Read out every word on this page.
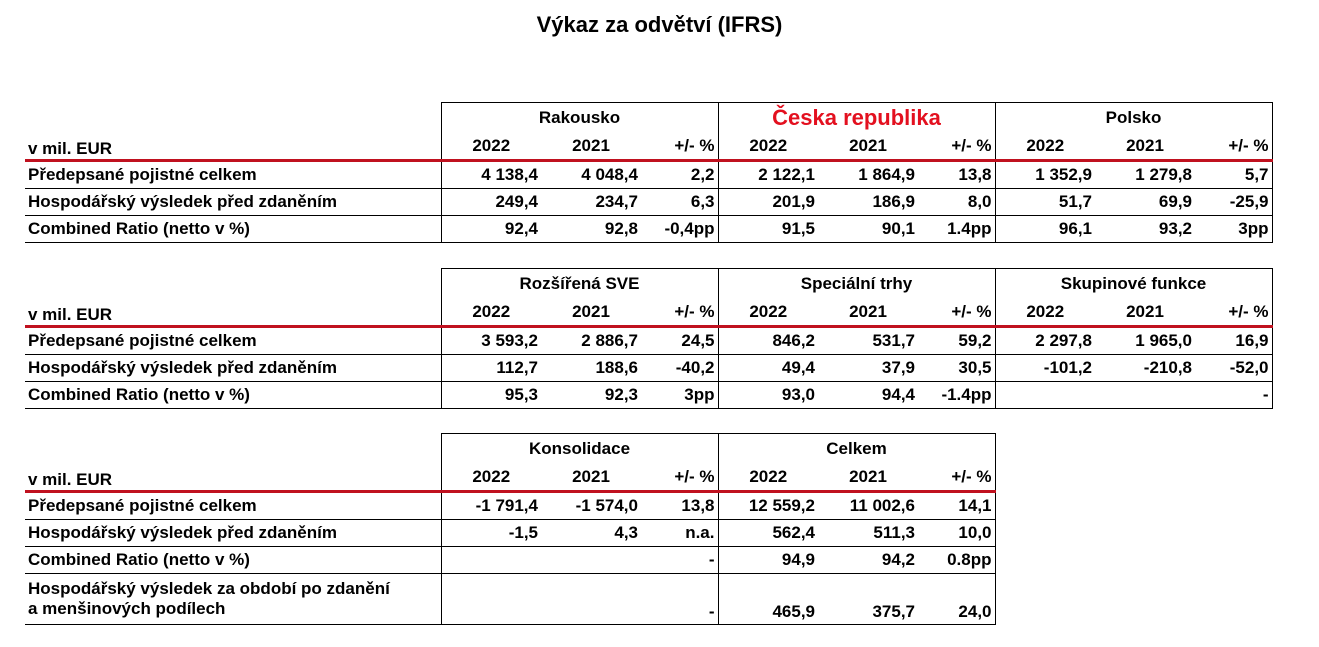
Výkaz za odvětví (IFRS)
	Rakousko			Česka republika			Polsko		
v mil. EUR	2022	2021	+/- %	2022	2021	+/- %	2022	2021	+/- %
Předepsané pojistné celkem	4 138,4	4 048,4	2,2	2 122,1	1 864,9	13,8	1 352,9	1 279,8	5,7
Hospodářský výsledek před zdaněním	249,4	234,7	6,3	201,9	186,9	8,0	51,7	69,9	-25,9
Combined Ratio (netto v %)	92,4	92,8	-0,4pp	91,5	90,1	1.4pp	96,1	93,2	3pp
	Rozšířená SVE			Speciální trhy			Skupinové funkce		
v mil. EUR	2022	2021	+/- %	2022	2021	+/- %	2022	2021	+/- %
Předepsané pojistné celkem	3 593,2	2 886,7	24,5	846,2	531,7	59,2	2 297,8	1 965,0	16,9
Hospodářský výsledek před zdaněním	112,7	188,6	-40,2	49,4	37,9	30,5	-101,2	-210,8	-52,0
Combined Ratio (netto v %)	95,3	92,3	3pp	93,0	94,4	-1.4pp			-
	Konsolidace			Celkem		
v mil. EUR	2022	2021	+/- %	2022	2021	+/- %
Předepsané pojistné celkem	-1 791,4	-1 574,0	13,8	12 559,2	11 002,6	14,1
Hospodářský výsledek před zdaněním	-1,5	4,3	n.a.	562,4	511,3	10,0
Combined Ratio (netto v %)			-	94,9	94,2	0.8pp
Hospodářský výsledek za období po zdanění
a menšinových podílech			-	465,9	375,7	24,0
